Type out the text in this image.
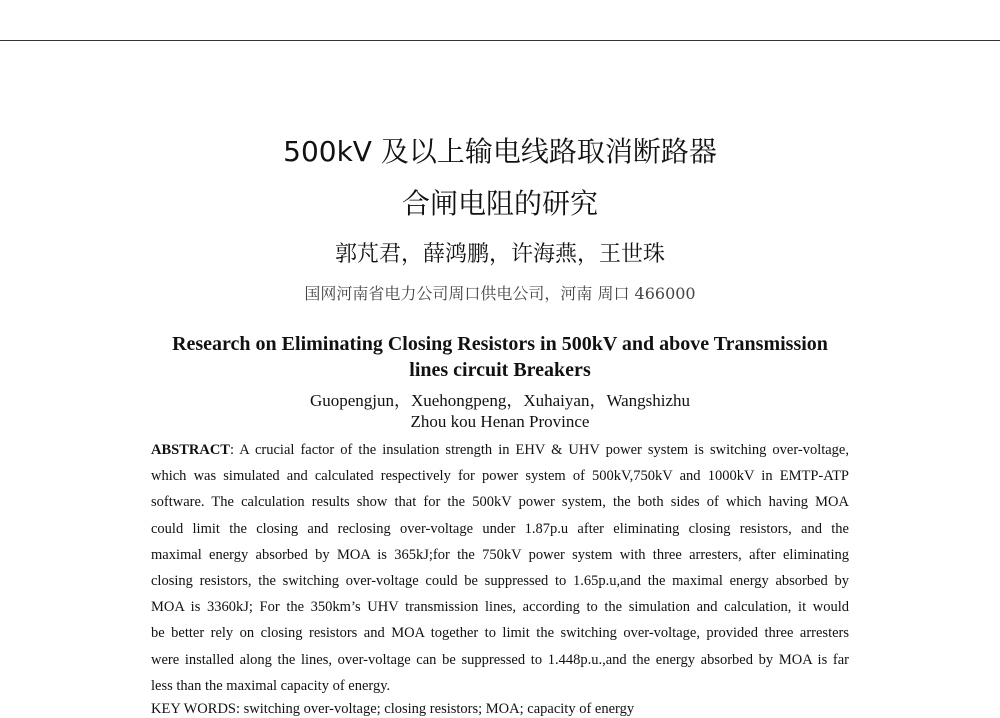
500kV 及以上输电线路取消断路器
合闸电阻的研究
郭芃君，薛鸿鹏，许海燕，王世珠
国网河南省电力公司周口供电公司，河南 周口 466000
Research on Eliminating Closing Resistors in 500kV and above Transmission
lines circuit Breakers
Guopengjun，Xuehongpeng，Xuhaiyan，Wangshizhu
Zhou kou Henan Province
ABSTRACT: A crucial factor of the insulation strength in EHV & UHV power system is switching over-voltage,
which was simulated and calculated respectively for power system of 500kV,750kV and 1000kV in EMTP-ATP
software. The calculation results show that for the 500kV power system, the both sides of which having MOA
could limit the closing and reclosing over-voltage under 1.87p.u after eliminating closing resistors, and the
maximal energy absorbed by MOA is 365kJ;for the 750kV power system with three arresters, after eliminating
closing resistors, the switching over-voltage could be suppressed to 1.65p.u,and the maximal energy absorbed by
MOA is 3360kJ; For the 350km’s UHV transmission lines, according to the simulation and calculation, it would
be better rely on closing resistors and MOA together to limit the switching over-voltage, provided three arresters
were installed along the lines, over-voltage can be suppressed to 1.448p.u.,and the energy absorbed by MOA is far
less than the maximal capacity of energy.
KEY WORDS: switching over-voltage; closing resistors; MOA; capacity of energy
